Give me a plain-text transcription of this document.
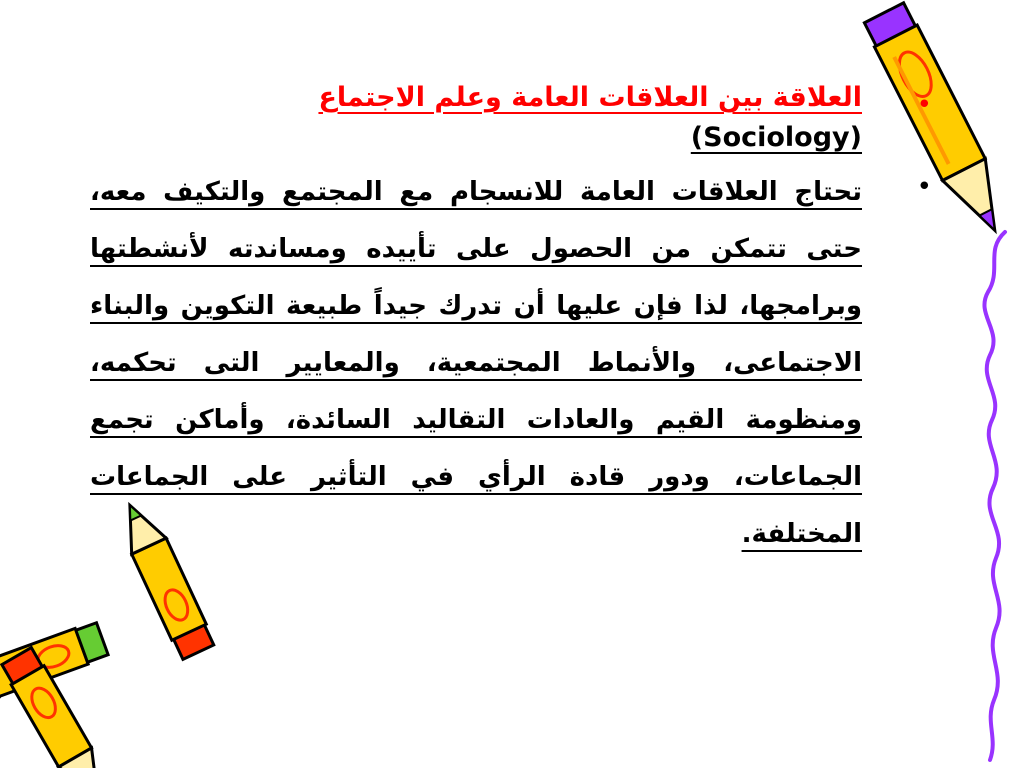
•
العلاقة بين العلاقات العامة وعلم الاجتماع
(Sociology)
•
تحتاج العلاقات العامة للانسجام مع المجتمع والتكيف معه، حتى تتمكن من الحصول على تأييده ومساندته لأنشطتها وبرامجها، لذا فإن عليها أن تدرك جيداً طبيعة التكوين والبناء الاجتماعى، والأنماط المجتمعية، والمعايير التى تحكمه، ومنظومة القيم والعادات التقاليد السائدة، وأماكن تجمع الجماعات، ودور قادة الرأي في التأثير على الجماعات المختلفة.
